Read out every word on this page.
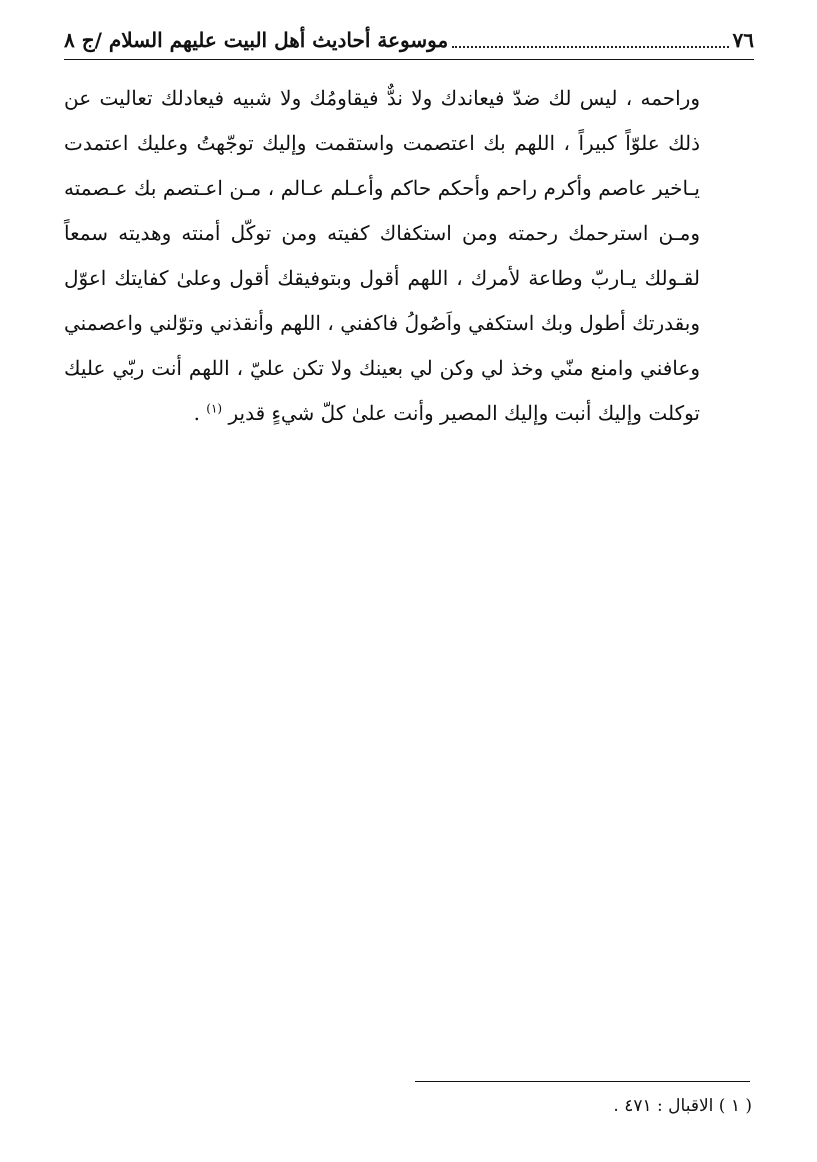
٧٦
موسوعة أحاديث أهل البيت عليهم السلام /ج ٨

وراحمه ، ليس لك ضدّ فيعاندك ولا ندٌّ فيقاومُك ولا شبيه فيعادلك تعاليت عن ذلك علوّاً كبيراً ، اللهم بك اعتصمت واستقمت وإليك توجّهتُ وعليك اعتمدت يـاخير عاصم وأكرم راحم وأحكم حاكم وأعـلم عـالم ، مـن اعـتصم بك عـصمته ومـن استرحمك رحمته ومن استكفاك كفيته ومن توكّل أمنته وهديته سمعاً لقـولك يـاربّ وطاعة لأمرك ، اللهم أقول وبتوفيقك أقول وعلىٰ كفايتك اعوّل وبقدرتك أطول وبك استكفي واَصُولُ فاكفني ، اللهم وأنقذني وتوّلني واعصمني وعافني وامنع منّي وخذ لي وكن لي بعينك ولا تكن عليّ ، اللهم أنت ربّي عليك توكلت وإليك أنبت وإليك المصير وأنت علىٰ كلّ شيءٍ قدير $^{(١)}$ .

( ١ ) الاقبال : ٤٧١ .
